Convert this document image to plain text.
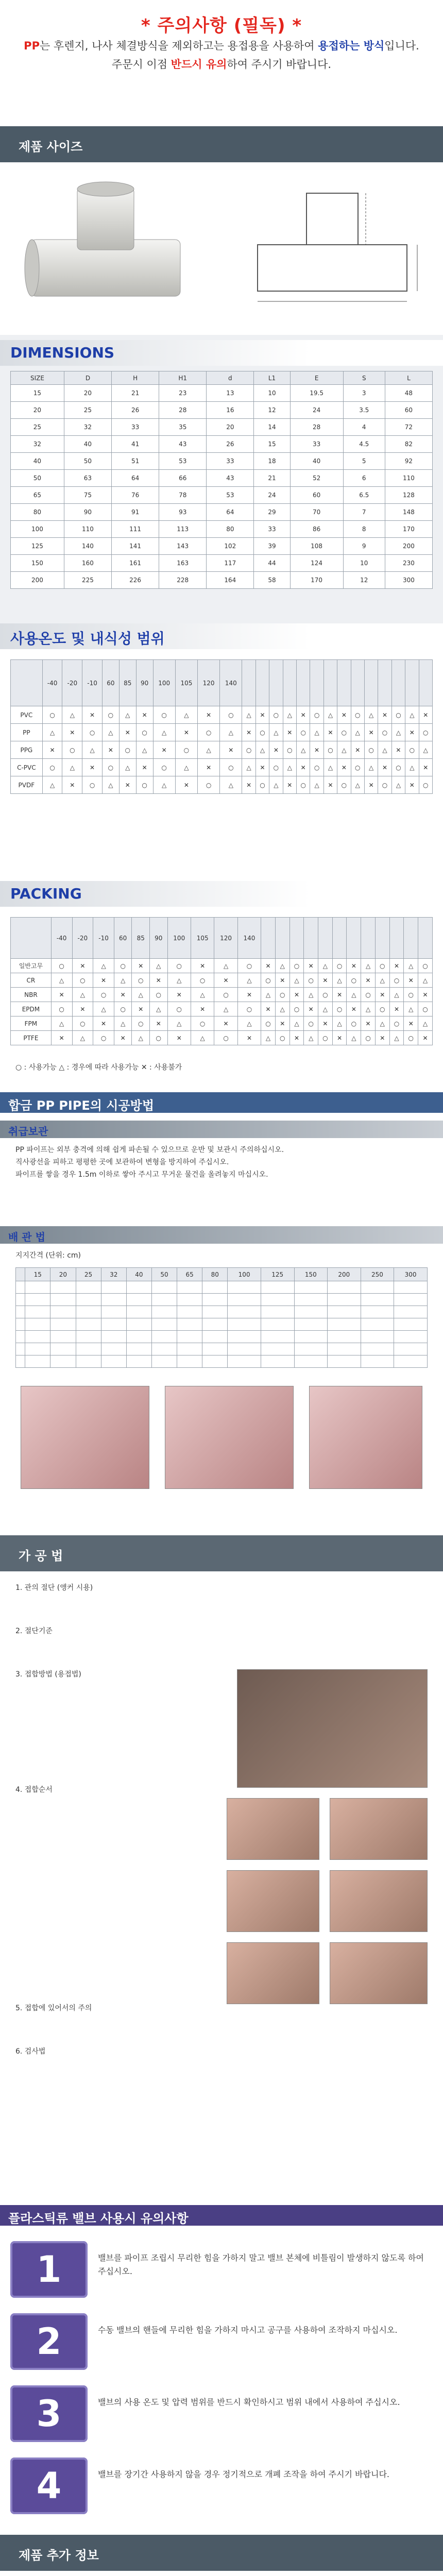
* 주의사항 (필독) *

PP는 후렌지, 나사 체결방식을 제외하고는 용접용을 사용하여 용접하는 방식입니다.

주문시 이점 반드시 유의하여 주시기 바랍니다.

제품 사이즈
DIMENSIONS
SIZE	D	H	H1	d	L1	E	S	L
15	20	21	23	13	10	19.5	3	48
20	25	26	28	16	12	24	3.5	60
25	32	33	35	20	14	28	4	72
32	40	41	43	26	15	33	4.5	82
40	50	51	53	33	18	40	5	92
50	63	64	66	43	21	52	6	110
65	75	76	78	53	24	60	6.5	128
80	90	91	93	64	29	70	7	148
100	110	111	113	80	33	86	8	170
125	140	141	143	102	39	108	9	200
150	160	161	163	117	44	124	10	230
200	225	226	228	164	58	170	12	300
사용온도 및 내식성 범위
	-40	-20	-10	60	85	90	100	105	120	140														
PVC	○	△	✕	○	△	✕	○	△	✕	○	△	✕	○	△	✕	○	△	✕	○	△	✕	○	△	✕
PP	△	✕	○	△	✕	○	△	✕	○	△	✕	○	△	✕	○	△	✕	○	△	✕	○	△	✕	○
PPG	✕	○	△	✕	○	△	✕	○	△	✕	○	△	✕	○	△	✕	○	△	✕	○	△	✕	○	△
C-PVC	○	△	✕	○	△	✕	○	△	✕	○	△	✕	○	△	✕	○	△	✕	○	△	✕	○	△	✕
PVDF	△	✕	○	△	✕	○	△	✕	○	△	✕	○	△	✕	○	△	✕	○	△	✕	○	△	✕	○
PACKING
	-40	-20	-10	60	85	90	100	105	120	140												
일반고무	○	✕	△	○	✕	△	○	✕	△	○	✕	△	○	✕	△	○	✕	△	○	✕	△	○
CR	△	○	✕	△	○	✕	△	○	✕	△	○	✕	△	○	✕	△	○	✕	△	○	✕	△
NBR	✕	△	○	✕	△	○	✕	△	○	✕	△	○	✕	△	○	✕	△	○	✕	△	○	✕
EPDM	○	✕	△	○	✕	△	○	✕	△	○	✕	△	○	✕	△	○	✕	△	○	✕	△	○
FPM	△	○	✕	△	○	✕	△	○	✕	△	○	✕	△	○	✕	△	○	✕	△	○	✕	△
PTFE	✕	△	○	✕	△	○	✕	△	○	✕	△	○	✕	△	○	✕	△	○	✕	△	○	✕
○ : 사용가능 △ : 경우에 따라 사용가능 ✕ : 사용불가
합금 PP PIPE의 시공방법
취급보관
PP 파이프는 외부 충격에 의해 쉽게 파손될 수 있으므로 운반 및 보관시 주의하십시오.
직사광선을 피하고 평평한 곳에 보관하여 변형을 방지하여 주십시오.
파이프를 쌓을 경우 1.5m 이하로 쌓아 주시고 무거운 물건을 올려놓지 마십시오.
배 관 법
지지간격 (단위: cm)
	15	20	25	32	40	50	65	80	100	125	150	200	250	300

가 공 법
1. 관의 절단 (앵커 시용)
2. 절단기준
3. 접합방법 (용접법)
4. 접합순서
5. 접합에 있어서의 주의
6. 검사법
플라스틱류 밸브 사용시 유의사항
1	밸브를 파이프 조립시 무리한 힘을 가하지 말고 밸브 본체에 비틀림이 발생하지 않도록 하여 주십시오.
2	수동 밸브의 핸들에 무리한 힘을 가하지 마시고 공구를 사용하여 조작하지 마십시오.
3	밸브의 사용 온도 및 압력 범위를 반드시 확인하시고 범위 내에서 사용하여 주십시오.
4	밸브를 장기간 사용하지 않을 경우 정기적으로 개폐 조작을 하여 주시기 바랍니다.
제품 추가 정보
